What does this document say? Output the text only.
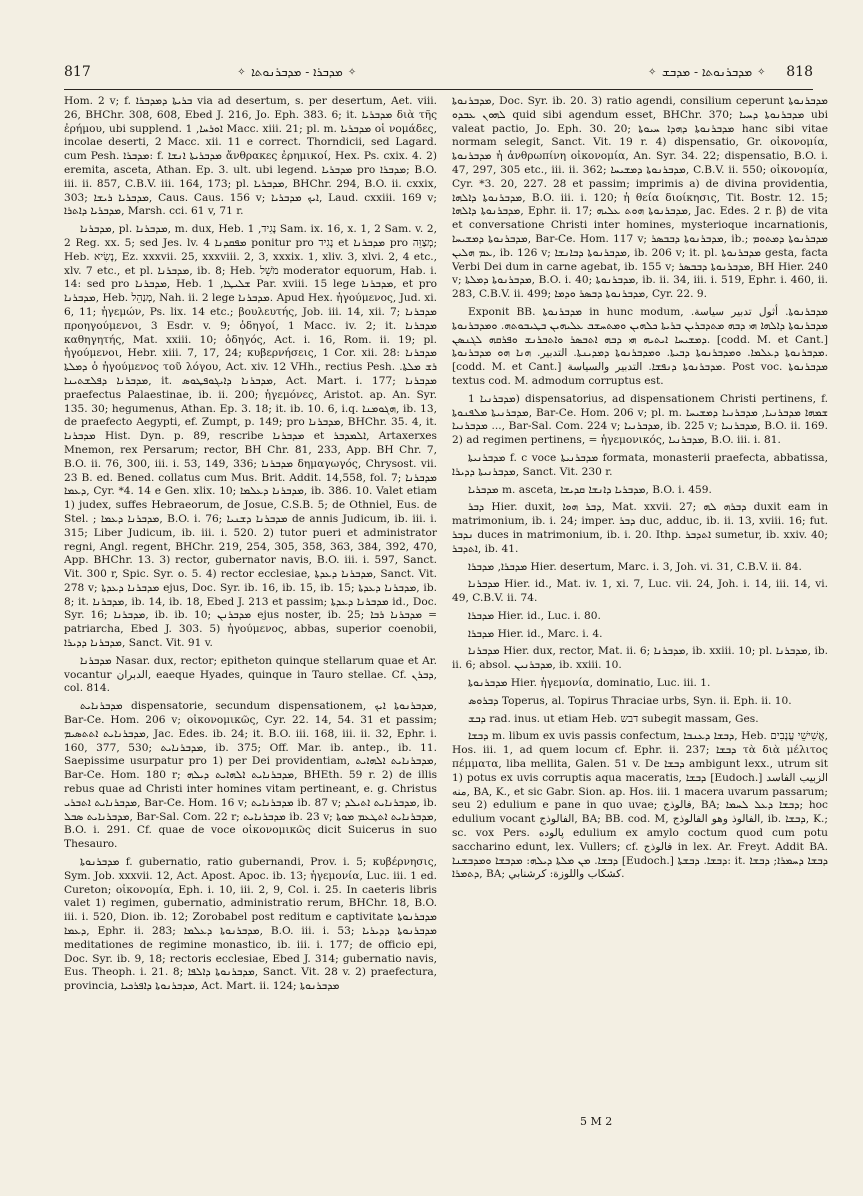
817	✧ ܡܕܒܪܐ - ܡܕܒܪܢܘܬܐ ✧	✧ ܡܕܒܪܢܘܬܐ - ܡܕܒܫ ✧ 818

Hom. 2 v; f. ܒܪܝܬܐ ܕܡܕܒܪܐ via ad desertum, s. per desertum, Aet. viii. 26, BHChr. 308, 608, Ebed J. 216, Jo. Eph. 383. 6; it. ܡܕܒܪܝܐ διὰ τῆς ἐρήμου, ubi supplend. ܐܘܪܚܐ, 1 Macc. xiii. 21; pl. m. ܡܕܒܪܝܐ οἱ νομάδες, incolae deserti, 2 Macc. xii. 11 e correct. Thorndicii, sed Lagard. cum Pesh. ܡܕܒܪܐ: f. ܡܕܒܪܝܬܐ ܐܢܫܐ ἄνθρακες ἐρημικοί, Hex. Ps. cxix. 4. 2) eremita, asceta, Athan. Ep. 3. ult. ubi legend. ܡܕܒܪܝܐ pro ܡܕܒܪܐ; B.O. iii. ii. 857, C.B.V. iii. 164, 173; pl. ܡܕܒܪܝܐ, BHChr. 294, B.O. ii. cxxix, 303; ܡܕܒܪܝܐ ܪܝܫܐ, Caus. Caus. 156 v; ܐܝܟ ܡܕܒܪܝܐ, Laud. cxxiii. 169 v; ܡܕܒܪܝܐ ܕܐܬܪܐ, Marsh. cci. 61 v, 71 r.

ܡܕܒܪܢܐ, pl. ܡܕܒܪܢܐ, m. dux, Heb. נָגִיד, 1 Sam. ix. 16, x. 1, 2 Sam. v. 2, 2 Reg. xx. 5; sed Jes. lv. 4 ܡܦܩܕܢܐ ponitur pro נָגִיד et ܡܕܒܪܢܐ pro מְצַוֵּה; Heb. נָשִׂיא, Ez. xxxvii. 25, xxxviii. 2, 3, xxxix. 1, xliv. 3, xlvi. 2, 4 etc., xlv. 7 etc., et pl. ܡܕܒܪܢܐ, ib. 8; Heb. מֹשֵׁל moderator equorum, Hab. i. 14: sed pro ܡܕܒܪܢܐ, Heb. ܫܠܝܛܐ, 1 Par. xviii. 15 lege ܡܕܒܪܢܐ, et pro ܡܕܒܪܢܐ, Heb. מְנַהֵל, Nah. ii. 2 lege ܡܕܒܪܢܐ. Apud Hex. ἡγούμενος, Jud. xi. 6, 11; ἡγεμών, Ps. lix. 14 etc.; βουλευτής, Job. iii. 14, xii. 7; ܡܕܒܪܢܐ προηγούμενοι, 3 Esdr. v. 9; ὁδηγοί, 1 Macc. iv. 2; it. ܡܕܒܪܢܐ καθηγητής, Mat. xxiii. 10; ὁδηγός, Act. i. 16, Rom. ii. 19; pl. ἡγούμενοι, Hebr. xiii. 7, 17, 24; κυβερνήσεις, 1 Cor. xii. 28: ܡܕܒܪܢܐ ܕܡܠܬܐ ὁ ἡγούμενος τοῦ λόγου, Act. xiv. 12 VHh., rectius Pesh. ܪܫ ܡܠܬܐ. ܡܕܒܪܢܐ ܕܦܠܫܬܝܢܐ, it. ܡܕܒܪܢܐ ܕܐܝܓܘܦܛܘܣ, Act. Mart. i. 177; ܡܕܒܪܢܐ praefectus Palaestinae, ib. ii. 200; ἡγεμόνες, Aristot. ap. An. Syr. 135. 30; hegumenus, Athan. Ep. 3. 18; it. ib. 10. 6, i.q. ܗܓܘܡܢܐ, ib. 13, de praefecto Aegypti, ef. Zumpt, p. 149; pro ܡܕܒܪܢܐ, BHChr. 35. 4, it. ܡܕܒܪܢܐ Hist. Dyn. p. 89, rescribe ܡܕܒܪܢܐ et ܐܠܡܕܒܪ, Artaxerxes Mnemon, rex Persarum; rector, BH Chr. 81, 233, App. BH Chr. 7, B.O. ii. 76, 300, iii. i. 53, 149, 336; ܡܕܒܪܢܐ δημαγωγός, Chrysost. vii. 23 B. ed. Bened. collatus cum Mus. Brit. Addit. 14,558, fol. 7; ܡܕܒܪܢܐ ܕܥܡܐ, Cyr. *4. 14 e Gen. xlix. 10; ܡܕܒܪܢܐ ܕܥܠܡܐ, ib. 386. 10. Valet etiam 1) judex, suffes Hebraeorum, de Josue, C.S.B. 5; de Othniel, Eus. de Stel. ; ܡܕܒܪܢܐ ܕܥܡܐ, B.O. i. 76; ܡܕܒܪܢܐ ܕܫܢܝܐ de annis Judicum, ib. iii. i. 315; Liber Judicum, ib. iii. i. 520. 2) tutor pueri et administrator regni, Angl. regent, BHChr. 219, 254, 305, 358, 363, 384, 392, 470, App. BHChr. 13. 3) rector, gubernator navis, B.O. iii. i. 597, Sanct. Vit. 300 r, Spic. Syr. o. 5. 4) rector ecclesiae, ܡܕܒܪܢܐ ܕܥܕܬܐ, Sanct. Vit. 278 v; ܡܕܒܪܢܐ ܕܥܕܬܐ ejus, Doc. Syr. ib. 16, ib. 15, ib. 15; ܡܕܒܪܢܐ ܕܥܕܬܐ, ib. 8; it. ܡܕܒܪܢܐ, ib. 14, ib. 18, Ebed J. 213 et passim; ܡܕܒܪܢܐ ܕܥܕܬܐ id., Doc. Syr. 16; ܡܕܒܪܢܐ, ib. ib. 10; ܡܕܒܪܢܢ ejus noster, ib. 25; ܡܕܒܪܢܐ ܪܒܐ = patriarcha, Ebed J. 303. 5) ἡγούμενος, abbas, superior coenobii, ܡܕܒܪܢܐ ܕܕܝܪܐ, Sanct. Vit. 91 v.

ܡܕܒܪܢܐ Nasar. dux, rector; epitheton quinque stellarum quae et Ar. vocantur الدبران, eaeque Hyades, quinque in Tauro stellae. Cf. ܕܒܪܢ, col. 814.

ܡܕܒܪܢܐܝܬ dispensatorie, secundum dispensationem, ܡܕܒܪܢܘܬܐ ܐܝܟ, Bar-Ce. Hom. 206 v; οἰκονομικῶς, Cyr. 22. 14, 54. 31 et passim; ܡܕܒܪܢܐܝܬ ܐܬܬܣܝܡ, Jac. Edes. ib. 24; it. B.O. iii. 168, iii. ii. 32, Ephr. i. 160, 377, 530; ܡܕܒܪܢܐܝܬ, ib. 375; Off. Mar. ib. antep., ib. 11. Saepissime usurpatur pro 1) per Dei providentiam, ܡܕܒܪܢܐܝܬ ܐܠܗܐܝܬ, Bar-Ce. Hom. 180 r; ܡܕܒܪܢܐܝܬ ܐܠܗܐܝܬ ܕܝܠܗ, BHEth. 59 r. 2) de illis rebus quae ad Christi inter homines vitam pertineant, e. g. Christus ܡܕܒܪܢܐܝܬ ܐܬܒܪܝ, Bar-Ce. Hom. 16 v; ܡܕܒܪܢܐܝܬ ib. 87 v; ܡܕܒܪܢܐܝܬ ܐܬܝܠܕ, ib. ܡܕܒܪܢܐܝܬ ܣܒܠ, Bar-Sal. Com. 22 r; ܡܕܒܪܢܐܝܬ ib. 23 v; ܡܕܒܪܢܐܝܬ ܐܬܛܥܡ ܡܘܬܐ, B.O. i. 291. Cf. quae de voce οἰκονομικῶς dicit Suicerus in suo Thesauro.

ܡܕܒܪܢܘܬܐ f. gubernatio, ratio gubernandi, Prov. i. 5; κυβέρνησις, Sym. Job. xxxvii. 12, Act. Apost. Apoc. ib. 13; ἡγεμονία, Luc. iii. 1 ed. Cureton; οἰκονομία, Eph. i. 10, iii. 2, 9, Col. i. 25. In caeteris libris valet 1) regimen, gubernatio, administratio rerum, BHChr. 18, B.O. iii. i. 520, Dion. ib. 12; Zorobabel post reditum e captivitate ܡܕܒܪܢܘܬܐ ܕܥܡܐ, Ephr. ii. 283; ܡܕܒܪܢܘܬܐ ܕܥܠܡܐ, B.O. iii. i. 53; ܡܕܒܪܢܘܬܐ ܕܕܝܪܝܐ meditationes de regimine monastico, ib. iii. i. 177; de officio epi, Doc. Syr. ib. 9, 18; rectoris ecclesiae, Ebed J. 314; gubernatio navis, Eus. Theoph. i. 21. 8; ܡܕܒܪܢܘܬܐ ܕܐܠܦܐ, Sanct. Vit. 28 v. 2) praefectura, provincia, ܡܕܒܪܢܘܬܐ ܕܐܦܪܟܝܐ, Act. Mart. ii. 124; ܡܕܒܪܢܘܬܐ

ܡܕܒܪܢܘܬܐ, Doc. Syr. ib. 20. 3) ratio agendi, consilium ceperunt ܡܕܒܪܢܘܬܐ ܠܗܘܢ ܥܒܕܘ quid sibi agendum esset, BHChr. 370; ܡܕܒܪܢܘܬܐ ܕܚܝܐ ubi valeat pactio, Jo. Eph. 30. 20; ܡܕܒܪܢܘܬܐ ܕܗܕܐ ܚܝܘܬܐ hanc sibi vitae normam selegit, Sanct. Vit. 19 r. 4) dispensatio, Gr. οἰκονομία, ܡܕܒܪܢܘܬܐ ἡ ἀνθρωπίνη οἰκονομία, An. Syr. 34. 22; dispensatio, B.O. i. 47, 297, 305 etc., iii. ii. 362; ܡܕܒܪܢܘܬܐ ܕܡܫܝܚܐ, C.B.V. ii. 550; οἰκονομία, Cyr. *3. 20, 227. 28 et passim; imprimis a) de divina providentia, ܡܕܒܪܢܘܬܐ ܕܐܠܗܐ, B.O. iii. i. 120; ἡ θεία διοίκησις, Tit. Bostr. 12. 15; ܡܕܒܪܢܘܬܐ ܕܐܠܗܐ, Ephr. ii. 17; ܡܕܒܪܢܘܬܐ ܗܘܬ ܥܠܝܗ, Jac. Edes. 2 r. β) de vita et conversatione Christi inter homines, mysterioque incarnationis, ܡܕܒܪܢܘܬܐ ܕܡܫܝܚܐ, Bar-Ce. Hom. 117 v; ܡܕܒܪܢܘܬܐ ܕܒܒܣܪ, ib.; ܡܕܒܪܢܘܬܐ ܕܡܬܘܡ ܥܡ ܗܠܝܢ, ib. 126 v; ܡܕܒܪܢܘܬܐ ܕܒܐܢܫܐ, ib. 206 v; it. pl. ܡܕܒܪܢܘܬܐ gesta, facta Verbi Dei dum in carne agebat, ib. 155 v; ܡܕܒܪܢܘܬܐ ܕܒܒܣܪ, BH Hier. 240 v; ܡܕܒܪܢܘܬܐ ܕܡܠܬܐ, B.O. i. 40; ܡܕܒܪܢܘܬܐ, ib. ii. 34, iii. i. 519, Ephr. i. 460, ii. 283, C.B.V. ii. 499; ܡܕܒܪܢܘܬܐ ܕܒܣܪ ܘܕܡܐ, Cyr. 22. 9.

Exponit BB. ܡܕܒܪܢܘܬܐ in hunc modum, ܡܕܒܪܢܘܬܐ. أثول تدبير سياسة. ܡܕܒܪܢܘܬܐ ܕܐܠܗܐ ܗܝ ܕܒܗ ܡܬܕܒܪܝܢ ܒܪܝܬܐ ܟܠܗܝܢ ܘܡܬܚܫܒ ܥܠܝܗܝܢ ܒܛܝܒܘܬܗ. ܘܡܕܒܪܢܘܬܐ ܕܡܫܝܚܐ ܐܝܬܝܗ ܗܝ ܕܒܗ ܐܬܒܣܪ ܘܐܬܒܪܢܫ ܘܦܪܩܗ ܠܓܢܣܢ. [codd. M. et Cant.] ܡܕܒܪܢܘܬܐ ܕܥܠܡܐ. ܘܡܕܒܪܢܘܬܐ ܕܒܝܬܐ. ܘܡܕܒܪܢܘܬܐ ܕܡܕܝܢܬܐ. التدبير. ܗܢܐ ܗܘ ܡܕܒܪܢܘܬܐ. [codd. M. et Cant.] ܡܕܒܪܢܘܬܐ ܕܢܦܫܐ. التدبير والسياسة. Post voc. ܡܕܒܪܢܘܬܐ textus cod. M. admodum corruptus est.

ܡܕܒܪܢܝܐ 1) dispensatorius, ad dispensationem Christi pertinens, f. ܡܕܒܪܢܝܬܐ ܡܠܦܢܘܬܐ, Bar-Ce. Hom. 206 v; pl. m. ܫܡܗܐ ܡܕܒܪܢܝܐ, ܡܕܒܪܢܝܐ ܕܡܫܝܚܐ ... ܡܕܒܪܢܝܐ, Bar-Sal. Com. 224 v; ܡܕܒܪܢܝܐ, ib. 225 v; ܡܕܒܪܢܝܐ, B.O. ii. 169. 2) ad regimen pertinens, = ἡγεμονικός, ܡܕܒܪܢܝܐ, B.O. iii. i. 81.

ܡܕܒܪܢܝܬܐ f. c voce ܡܕܒܪܢܝܬܐ formata, monasterii praefecta, abbatissa, ܡܕܒܪܢܝܬܐ ܕܕܝܪܐ, Sanct. Vit. 230 r.

ܡܕܒܪܝܐ m. asceta, ܡܕܒܪܝܐ ܕܐܢܫܐ ܩܕܝܫܐ, B.O. i. 459.

ܕܒܪ Hier. duxit, ܕܒܪ ܗܘܐ, Mat. xxvii. 27; ܕܒܪܗ ܠܗ duxit eam in matrimonium, ib. i. 24; imper. ܕܒܪ duc, adduc, ib. ii. 13, xviii. 16; fut. ܢܕܒܪ duces in matrimonium, ib. i. 20. Ithp. ܐܬܕܒܪ sumetur, ib. xxiv. 40; ܐܬܕܒܪ, ib. 41.

ܡܕܒܪܐ, ܡܕܒܪܐ Hier. desertum, Marc. i. 3, Joh. vi. 31, C.B.V. ii. 84.

ܡܕܒܪܢܐ Hier. id., Mat. iv. 1, xi. 7, Luc. vii. 24, Joh. i. 14, iii. 14, vi. 49, C.B.V. ii. 74.

ܡܕܒܪܐ Hier. id., Luc. i. 80.

ܡܕܒܪܐ Hier. id., Marc. i. 4.

ܡܕܒܪܢܐ Hier. dux, rector, Mat. ii. 6; ܡܕܒܪܢܐ, ib. xxiii. 10; pl. ܡܕܒܪܢܐ, ib. ii. 6; absol. ܡܕܒܪܢܝܢ, ib. xxiii. 10.

ܡܕܒܪܢܘܬܐ Hier. ἡγεμονία, dominatio, Luc. iii. 1.

ܕܒܪܘܣ Toperus, al. Topirus Thraciae urbs, Syn. ii. Eph. ii. 10.

ܕܒܫ rad. inus. ut etiam Heb. דבש subegit massam, Ges.

ܕܒܫܐ m. libum ex uvis passis confectum, ܕܒܫܐ ܕܥܢܒܐ, Heb. אֲשִׁישֵׁי עֲנָבִים, Hos. iii. 1, ad quem locum cf. Ephr. ii. 237; ܕܒܫܐ τὰ διὰ μέλιτος πέμματα, liba mellita, Galen. 51 v. De ܕܒܫܐ ambigunt lexx., utrum sit 1) potus ex uvis corruptis aqua maceratis, ܕܒܫܐ [Eudoch.] الزبيب الفاسد منه, BA, K., et sic Gabr. Sion. ap. Hos. iii. 1 macera uvarum passarum; seu 2) edulium e pane in quo uvae; فالوذج, BA; ܕܒܫܐ ܕܥܠ ܠܚܡܐ; hoc edulium vocant الفالوذج, BA; BB. cod. M, الفالوذ وهو الفالوذج, ib. ܕܒܫܐ, K.; sc. vox Pers. پالوده edulium ex amylo coctum quod cum potu saccharino edunt, lex. Vullers; cf. فالوذج in lex. Ar. Freyt. Addit BA. ܕܒܫܐ. ܡܢ ܡܠܬܐ ܕܝܠܗ: ܡܕܒܫܐ ܘܡܕܒܫܢܐ [Eudoch.] ܕܒܫܐ. ܕܒܫܬܐ: it. ܕܒܫܐ ܕܚܡܪܐ; ܕܒܫܐ ܕܬܡܪܐ, BA; كشكاب واللوزة: كرشنابي.

5 M 2
